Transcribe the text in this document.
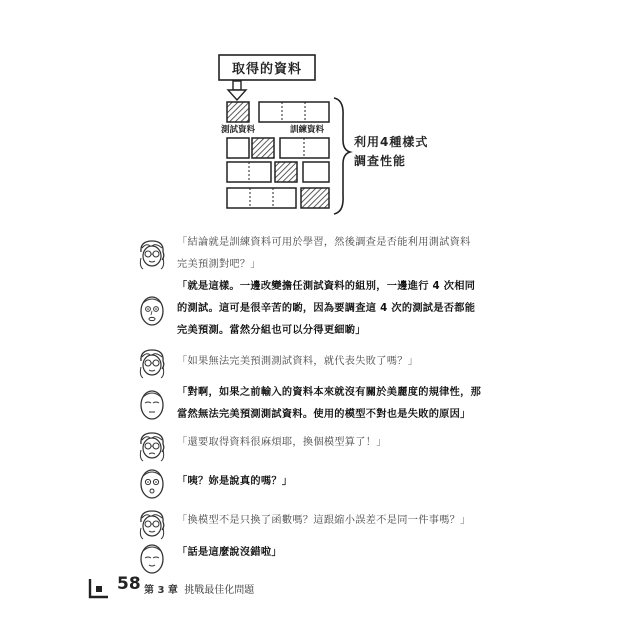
取得的資料
測試資料	訓練資料
利用4種樣式
調查性能
「結論就是訓練資料可用於學習，然後調查是否能利用測試資料
完美預測對吧？」
「就是這樣。一邊改變擔任測試資料的組別，一邊進行 4 次相同
的測試。這可是很辛苦的喲，因為要調查這 4 次的測試是否都能
完美預測。當然分組也可以分得更細喲」
「如果無法完美預測測試資料，就代表失敗了嗎？」
「對啊，如果之前輸入的資料本來就沒有關於美麗度的規律性，那
當然無法完美預測測試資料。使用的模型不對也是失敗的原因」
「還要取得資料很麻煩耶，換個模型算了！」
「咦？妳是說真的嗎？」
「換模型不是只換了函數嗎？這跟縮小誤差不是同一件事嗎？」
「話是這麼說沒錯啦」
58 第 3 章 挑戰最佳化問題
